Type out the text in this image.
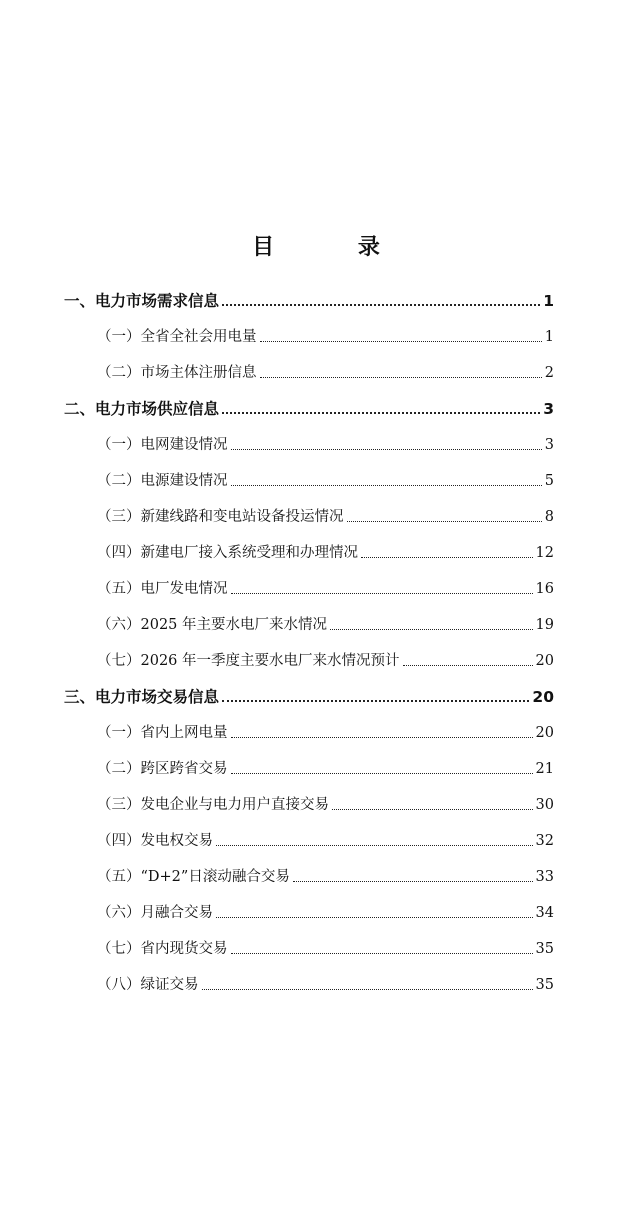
目 录
一、电力市场需求信息	1
（一）全省全社会用电量	1
（二）市场主体注册信息	2
二、电力市场供应信息	3
（一）电网建设情况	3
（二）电源建设情况	5
（三）新建线路和变电站设备投运情况	8
（四）新建电厂接入系统受理和办理情况	12
（五）电厂发电情况	16
（六）2025 年主要水电厂来水情况	19
（七）2026 年一季度主要水电厂来水情况预计	20
三、电力市场交易信息	20
（一）省内上网电量	20
（二）跨区跨省交易	21
（三）发电企业与电力用户直接交易	30
（四）发电权交易	32
（五）“D+2”日滚动融合交易	33
（六）月融合交易	34
（七）省内现货交易	35
（八）绿证交易	35
